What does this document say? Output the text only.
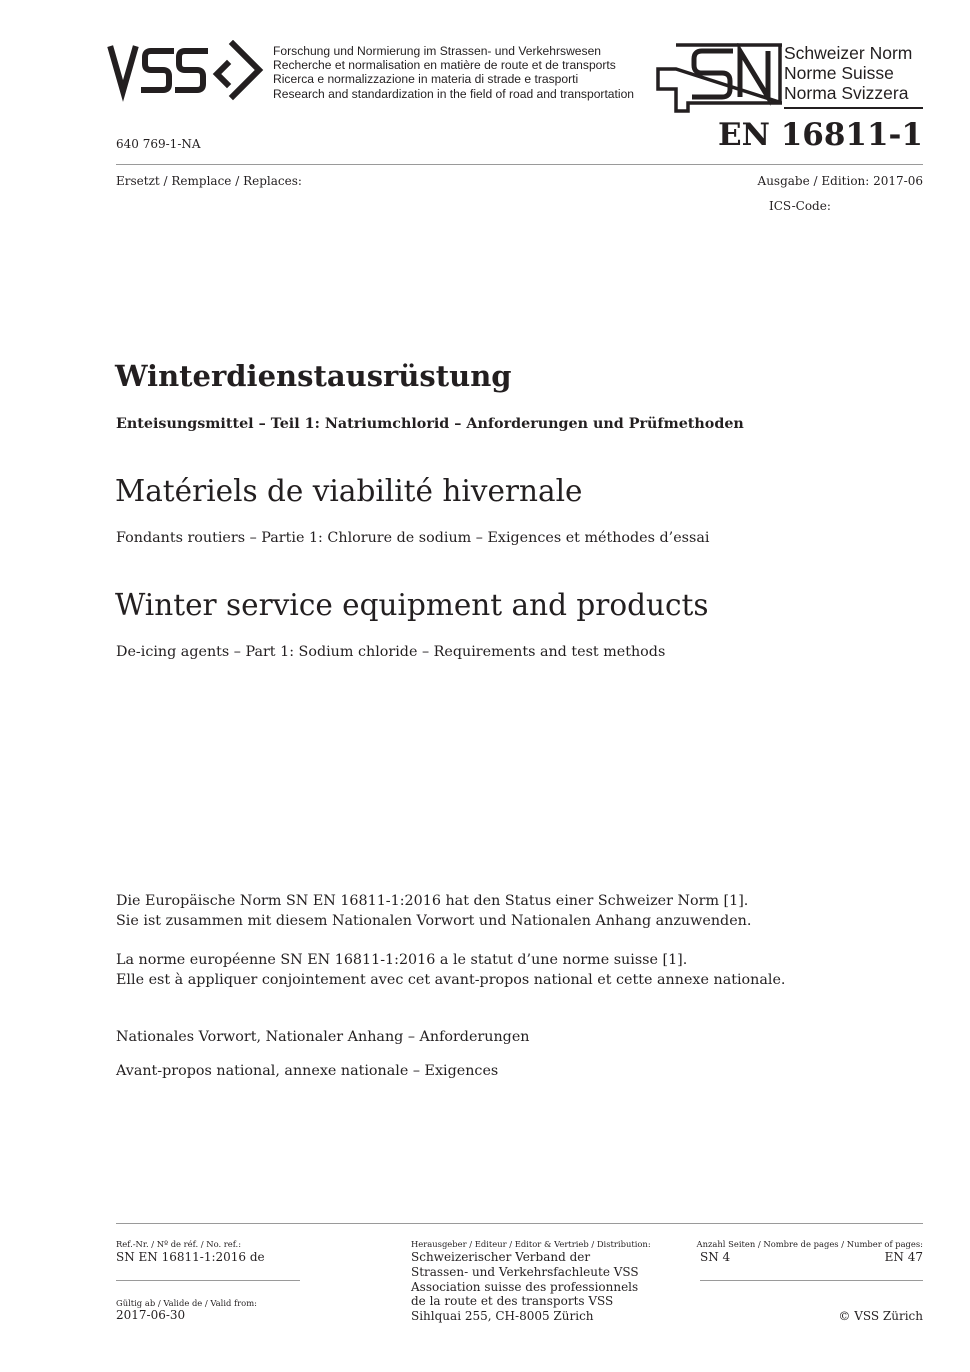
Forschung und Normierung im Strassen- und Verkehrswesen
Recherche et normalisation en matière de route et de transports
Ricerca e normalizzazione in materia di strade e trasporti
Research and standardization in the field of road and transportation
Schweizer Norm
Norme Suisse
Norma Svizzera
640 769-1-NA	EN 16811-1
Ersetzt / Remplace / Replaces:	Ausgabe / Edition: 2017-06
ICS-Code:
Winterdienstausrüstung
Enteisungsmittel – Teil 1: Natriumchlorid – Anforderungen und Prüfmethoden
Matériels de viabilité hivernale
Fondants routiers – Partie 1: Chlorure de sodium – Exigences et méthodes d’essai
Winter service equipment and products
De-icing agents – Part 1: Sodium chloride – Requirements and test methods
Die Europäische Norm SN EN 16811-1:2016 hat den Status einer Schweizer Norm [1].
Sie ist zusammen mit diesem Nationalen Vorwort und Nationalen Anhang anzuwenden.
La norme européenne SN EN 16811-1:2016 a le statut d’une norme suisse [1].
Elle est à appliquer conjointement avec cet avant-propos national et cette annexe nationale.
Nationales Vorwort, Nationaler Anhang – Anforderungen
Avant-propos national, annexe nationale – Exigences
Ref.-Nr. / Nº de réf. / No. ref.:
SN EN 16811-1:2016 de
Gültig ab / Valide de / Valid from:
2017-06-30
Herausgeber / Editeur / Editor & Vertrieb / Distribution:
Schweizerischer Verband der
Strassen- und Verkehrsfachleute VSS
Association suisse des professionnels
de la route et des transports VSS
Sihlquai 255, CH-8005 Zürich
Anzahl Seiten / Nombre de pages / Number of pages:
SN 4	EN 47
© VSS Zürich
